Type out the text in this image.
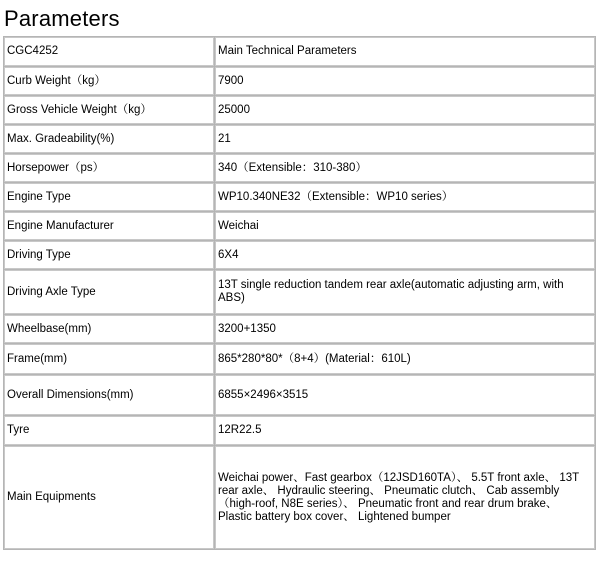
Parameters
CGC4252	Main Technical Parameters
Curb Weight（kg）	7900
Gross Vehicle Weight（kg）	25000
Max. Gradeability(%)	21
Horsepower（ps）	340（Extensible：310-380）
Engine Type	WP10.340NE32（Extensible：WP10 series）
Engine Manufacturer	Weichai
Driving Type	6X4
Driving Axle Type	13T single reduction tandem rear axle(automatic adjusting arm, with ABS)
Wheelbase(mm)	3200+1350
Frame(mm)	865*280*80*（8+4）(Material：610L)
Overall Dimensions(mm)	6855×2496×3515
Tyre	12R22.5
Main Equipments	Weichai power、Fast gearbox（12JSD160TA）、 5.5T front axle、 13T rear axle、 Hydraulic steering、 Pneumatic clutch、 Cab assembly（high-roof, N8E series）、 Pneumatic front and rear drum brake、 Plastic battery box cover、 Lightened bumper
